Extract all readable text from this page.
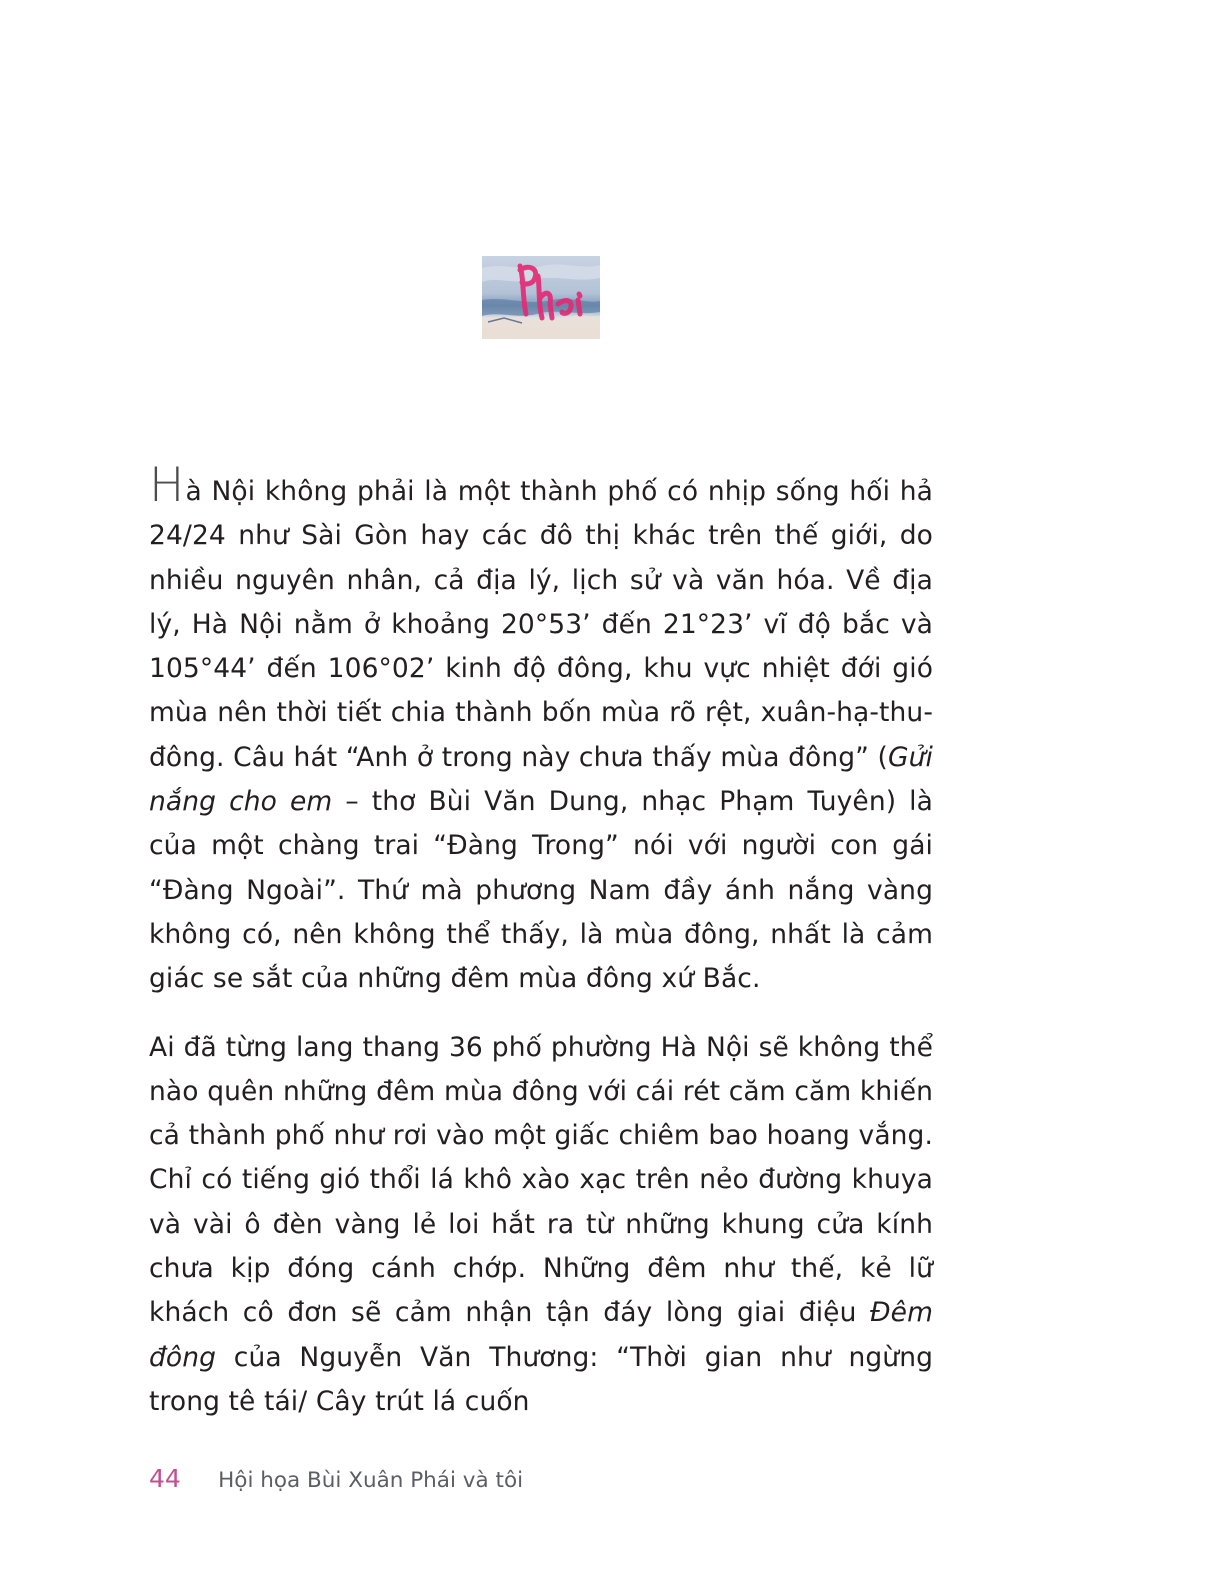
Hà Nội không phải là một thành phố có nhịp sống hối hả 24/24 như Sài Gòn hay các đô thị khác trên thế giới, do nhiều nguyên nhân, cả địa lý, lịch sử và văn hóa. Về địa lý, Hà Nội nằm ở khoảng 20°53’ đến 21°23’ vĩ độ bắc và 105°44’ đến 106°02’ kinh độ đông, khu vực nhiệt đới gió mùa nên thời tiết chia thành bốn mùa rõ rệt, xuân-hạ-thu-đông. Câu hát “Anh ở trong này chưa thấy mùa đông” (Gửi nắng cho em – thơ Bùi Văn Dung, nhạc Phạm Tuyên) là của một chàng trai “Đàng Trong” nói với người con gái “Đàng Ngoài”. Thứ mà phương Nam đầy ánh nắng vàng không có, nên không thể thấy, là mùa đông, nhất là cảm giác se sắt của những đêm mùa đông xứ Bắc.

Ai đã từng lang thang 36 phố phường Hà Nội sẽ không thể nào quên những đêm mùa đông với cái rét căm căm khiến cả thành phố như rơi vào một giấc chiêm bao hoang vắng. Chỉ có tiếng gió thổi lá khô xào xạc trên nẻo đường khuya và vài ô đèn vàng lẻ loi hắt ra từ những khung cửa kính chưa kịp đóng cánh chớp. Những đêm như thế, kẻ lữ khách cô đơn sẽ cảm nhận tận đáy lòng giai điệu Đêm đông của Nguyễn Văn Thương: “Thời gian như ngừng trong tê tái/ Cây trút lá cuốn

44 Hội họa Bùi Xuân Phái và tôi
